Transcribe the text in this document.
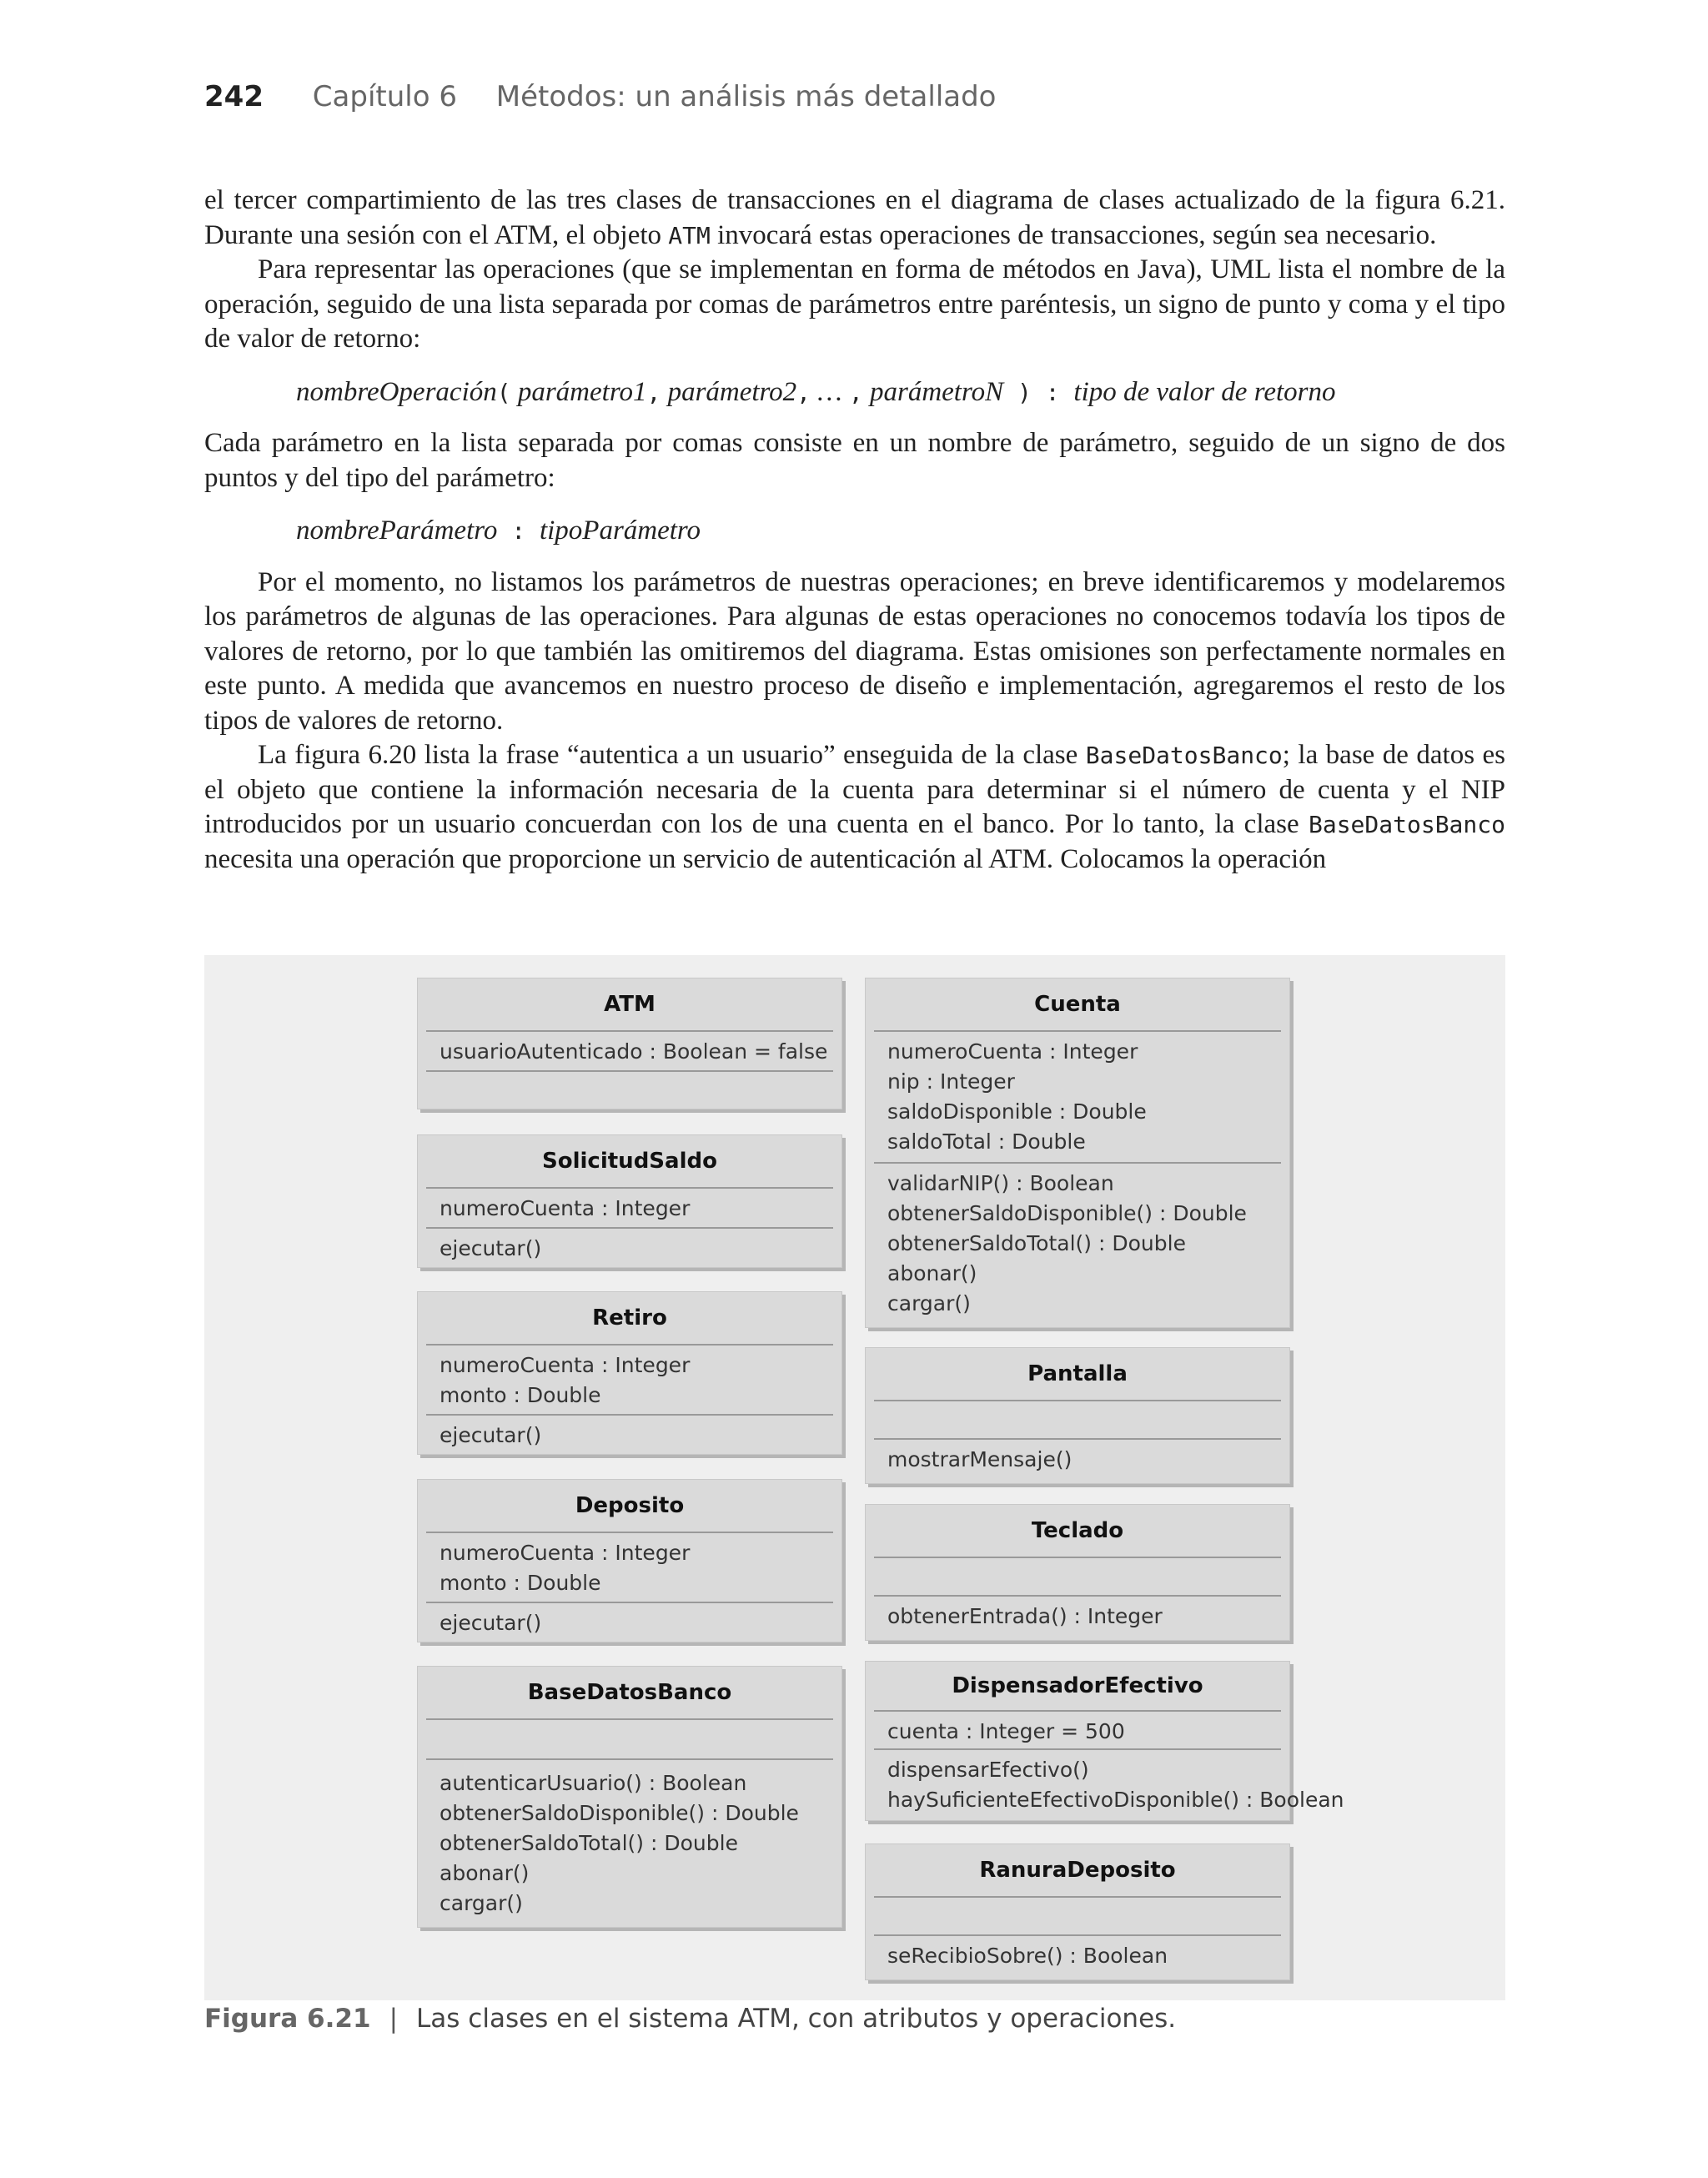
242 Capítulo 6 Métodos: un análisis más detallado

el tercer compartimiento de las tres clases de transacciones en el diagrama de clases actualizado de la figura 6.21. Durante una sesión con el ATM, el objeto ATM invocará estas operaciones de transacciones, según sea necesario.

Para representar las operaciones (que se implementan en forma de métodos en Java), UML lista el nombre de la operación, seguido de una lista separada por comas de parámetros entre paréntesis, un signo de punto y coma y el tipo de valor de retorno:

nombreOperación( parámetro1, parámetro2, … , parámetroN ) : tipo de valor de retorno

Cada parámetro en la lista separada por comas consiste en un nombre de parámetro, seguido de un signo de dos puntos y del tipo del parámetro:

nombreParámetro : tipoParámetro

Por el momento, no listamos los parámetros de nuestras operaciones; en breve identificaremos y modelaremos los parámetros de algunas de las operaciones. Para algunas de estas operaciones no conocemos todavía los tipos de valores de retorno, por lo que también las omitiremos del diagrama. Estas omisiones son perfectamente normales en este punto. A medida que avancemos en nuestro proceso de diseño e implementación, agregaremos el resto de los tipos de valores de retorno.

La figura 6.20 lista la frase “autentica a un usuario” enseguida de la clase BaseDatosBanco; la base de datos es el objeto que contiene la información necesaria de la cuenta para determinar si el número de cuenta y el NIP introducidos por un usuario concuerdan con los de una cuenta en el banco. Por lo tanto, la clase BaseDatosBanco necesita una operación que proporcione un servicio de autenticación al ATM. Colocamos la operación

ATM
usuarioAutenticado : Boolean = false
SolicitudSaldo
numeroCuenta : Integer
ejecutar()
Retiro
numeroCuenta : Integer
monto : Double
ejecutar()
Deposito
numeroCuenta : Integer
monto : Double
ejecutar()
BaseDatosBanco
autenticarUsuario() : Boolean
obtenerSaldoDisponible() : Double
obtenerSaldoTotal() : Double
abonar()
cargar()
Cuenta
numeroCuenta : Integer
nip : Integer
saldoDisponible : Double
saldoTotal : Double
validarNIP() : Boolean
obtenerSaldoDisponible() : Double
obtenerSaldoTotal() : Double
abonar()
cargar()
Pantalla
mostrarMensaje()
Teclado
obtenerEntrada() : Integer
DispensadorEfectivo
cuenta : Integer = 500
dispensarEfectivo()
haySuficienteEfectivoDisponible() : Boolean
RanuraDeposito
seRecibioSobre() : Boolean
Figura 6.21 | Las clases en el sistema ATM, con atributos y operaciones.
